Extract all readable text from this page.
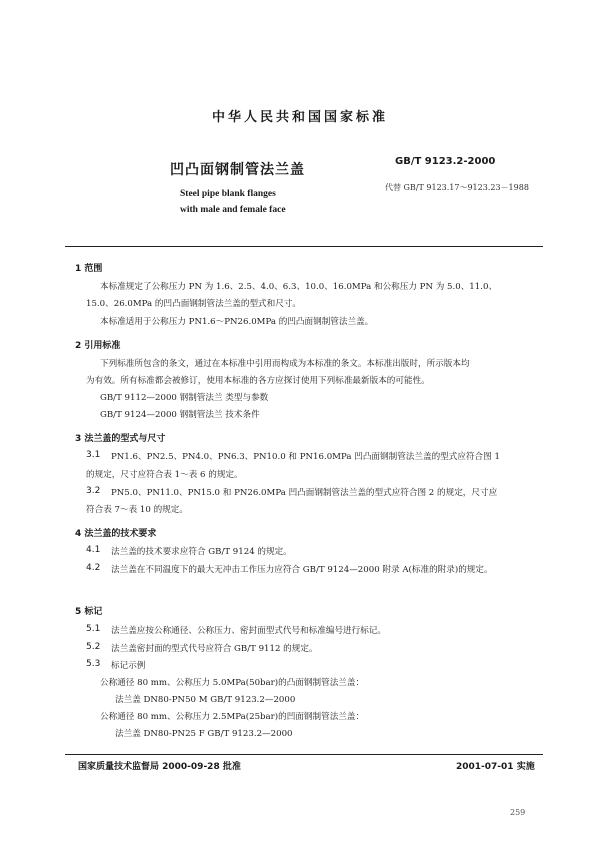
中华人民共和国国家标准
凹凸面钢制管法兰盖
GB/T 9123.2-2000
代替 GB/T 9123.17～9123.23－1988
Steel pipe blank flanges
with male and female face
1 范围
本标准规定了公称压力 PN 为 1.6、2.5、4.0、6.3、10.0、16.0MPa 和公称压力 PN 为 5.0、11.0、
15.0、26.0MPa 的凹凸面钢制管法兰盖的型式和尺寸。
本标准适用于公称压力 PN1.6～PN26.0MPa 的凹凸面钢制管法兰盖。
2 引用标准
下列标准所包含的条文，通过在本标准中引用而构成为本标准的条文。本标准出版时，所示版本均
为有效。所有标准都会被修订，使用本标准的各方应探讨使用下列标准最新版本的可能性。
GB/T 9112—2000 钢制管法兰 类型与参数
GB/T 9124—2000 钢制管法兰 技术条件
3 法兰盖的型式与尺寸
3.1 PN1.6、PN2.5、PN4.0、PN6.3、PN10.0 和 PN16.0MPa 凹凸面钢制管法兰盖的型式应符合图 1
的规定，尺寸应符合表 1～表 6 的规定。
3.2 PN5.0、PN11.0、PN15.0 和 PN26.0MPa 凹凸面钢制管法兰盖的型式应符合图 2 的规定，尺寸应
符合表 7～表 10 的规定。
4 法兰盖的技术要求
4.1 法兰盖的技术要求应符合 GB/T 9124 的规定。
4.2 法兰盖在不同温度下的最大无冲击工作压力应符合 GB/T 9124—2000 附录 A(标准的附录)的规定。
5 标记
5.1 法兰盖应按公称通径、公称压力、密封面型式代号和标准编号进行标记。
5.2 法兰盖密封面的型式代号应符合 GB/T 9112 的规定。
5.3 标记示例
公称通径 80 mm、公称压力 5.0MPa(50bar)的凸面钢制管法兰盖：
法兰盖 DN80-PN50 M GB/T 9123.2—2000
公称通径 80 mm、公称压力 2.5MPa(25bar)的凹面钢制管法兰盖：
法兰盖 DN80-PN25 F GB/T 9123.2—2000
国家质量技术监督局 2000-09-28 批准	2001-07-01 实施
259
